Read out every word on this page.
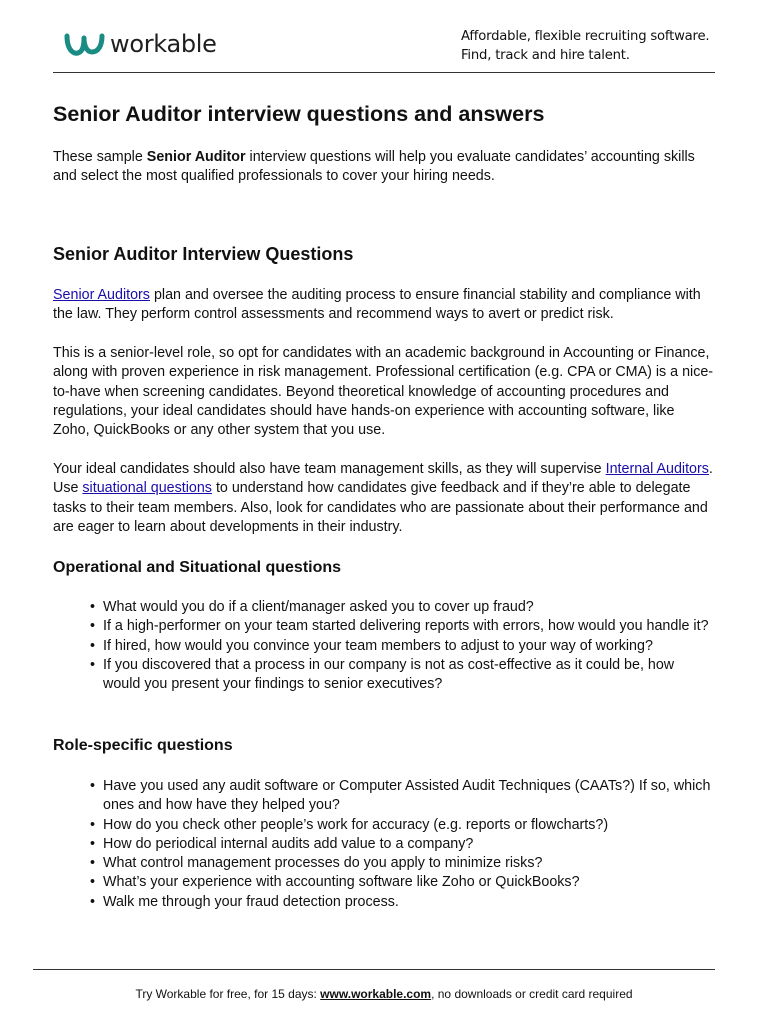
workable	Affordable, flexible recruiting software.
Find, track and hire talent.
Senior Auditor interview questions and answers

These sample Senior Auditor interview questions will help you evaluate candidates’ accounting skills and select the most qualified professionals to cover your hiring needs.

Senior Auditor Interview Questions

Senior Auditors plan and oversee the auditing process to ensure financial stability and compliance with the law. They perform control assessments and recommend ways to avert or predict risk.

This is a senior-level role, so opt for candidates with an academic background in Accounting or Finance, along with proven experience in risk management. Professional certification (e.g. CPA or CMA) is a nice-to-have when screening candidates. Beyond theoretical knowledge of accounting procedures and regulations, your ideal candidates should have hands-on experience with accounting software, like Zoho, QuickBooks or any other system that you use.

Your ideal candidates should also have team management skills, as they will supervise Internal Auditors. Use situational questions to understand how candidates give feedback and if they’re able to delegate tasks to their team members. Also, look for candidates who are passionate about their performance and are eager to learn about developments in their industry.

Operational and Situational questions
• What would you do if a client/manager asked you to cover up fraud?
• If a high-performer on your team started delivering reports with errors, how would you handle it?
• If hired, how would you convince your team members to adjust to your way of working?
• If you discovered that a process in our company is not as cost-effective as it could be, how would you present your findings to senior executives?
Role-specific questions
• Have you used any audit software or Computer Assisted Audit Techniques (CAATs?) If so, which ones and how have they helped you?
• How do you check other people’s work for accuracy (e.g. reports or flowcharts?)
• How do periodical internal audits add value to a company?
• What control management processes do you apply to minimize risks?
• What’s your experience with accounting software like Zoho or QuickBooks?
• Walk me through your fraud detection process.
Try Workable for free, for 15 days: www.workable.com, no downloads or credit card required
